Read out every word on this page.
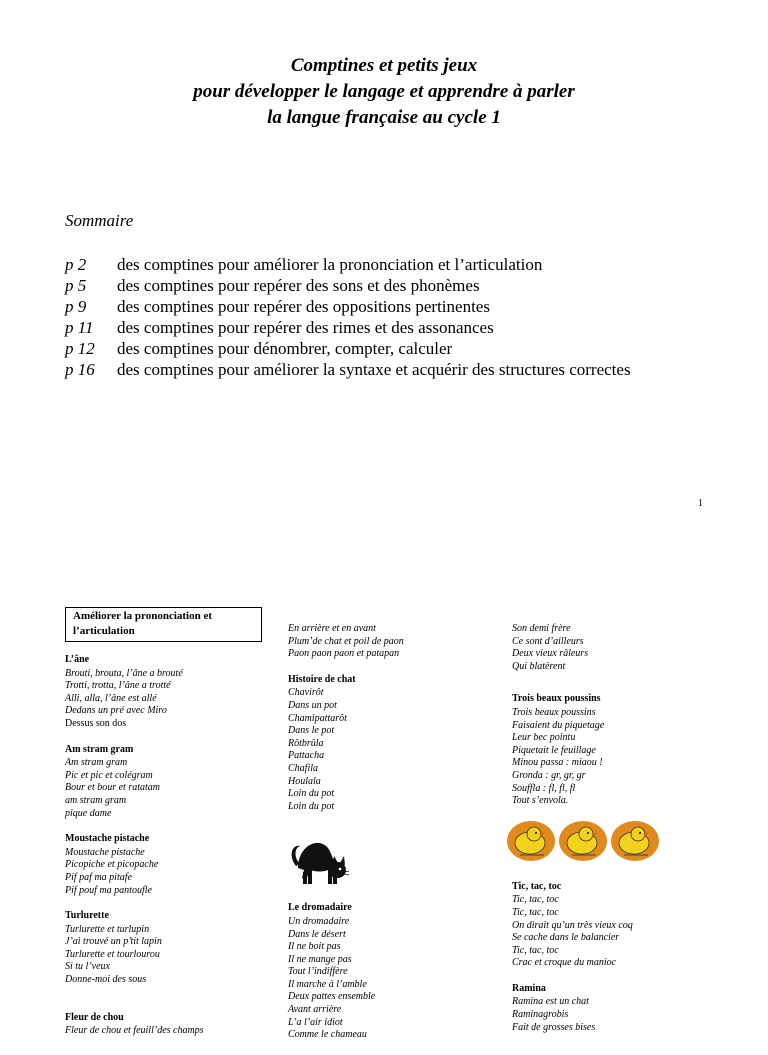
Comptines et petits jeux

pour développer le langage et apprendre à parler

la langue française au cycle 1

Sommaire

p 2 des comptines pour améliorer la prononciation et l’articulation
p 5 des comptines pour repérer des sons et des phonèmes
p 9 des comptines pour repérer des oppositions pertinentes
p 11 des comptines pour repérer des rimes et des assonances
p 12 des comptines pour dénombrer, compter, calculer
p 16 des comptines pour améliorer la syntaxe et acquérir des structures correctes
1
Améliorer la prononciation et l’articulation

L’âne

Brouti, brouta, l’âne a brouté

Trotti, trotta, l’âne a trotté

Alli, alla, l’âne est allé

Dedans un pré avec Miro

Dessus son dos

Am stram gram

Am stram gram

Pic et pic et colégram

Bour et bour et ratatam

am stram gram

pique dame

Moustache pistache

Moustache pistache

Picopiche et picopache

Pif paf ma pitafe

Pif pouf ma pantoufle

Turlurette

Turlurette et turlupin

J’ai trouvé un p’tit lapin

Turlurette et tourlourou

Si tu l’veux

Donne-moi des sous

Fleur de chou

Fleur de chou et feuill’des champs

En arrière et en avant

Plum’de chat et poil de paon

Paon paon paon et patapan

Histoire de chat

Chavirôt

Dans un pot

Chamipattarôt

Dans le pot

Rôtbrûla

Pattacha

Chafila

Houlala

Loin du pot

Loin du pot

Le dromadaire

Un dromadaire

Dans le désert

Il ne boit pas

Il ne mange pas

Tout l’indiffère

Il marche à l’amble

Deux pattes ensemble

Avant arrière

L’a l’air idiot

Comme le chameau

Son demi frère

Ce sont d’ailleurs

Deux vieux râleurs

Qui blatèrent

Trois beaux poussins

Trois beaux poussins

Faisaient du piquetage

Leur bec pointu

Piquetait le feuillage

Minou passa : miaou !

Gronda : gr, gr, gr

Souffla : fl, fl, fl

Tout s’envola.

Tic, tac, toc

Tic, tac, toc

Tic, tac, toc

On dirait qu’un très vieux coq

Se cache dans le balancier

Tic, tac, toc

Crac et croque du manioc

Ramina

Ramina est un chat

Raminagrobis

Fait de grosses bises
